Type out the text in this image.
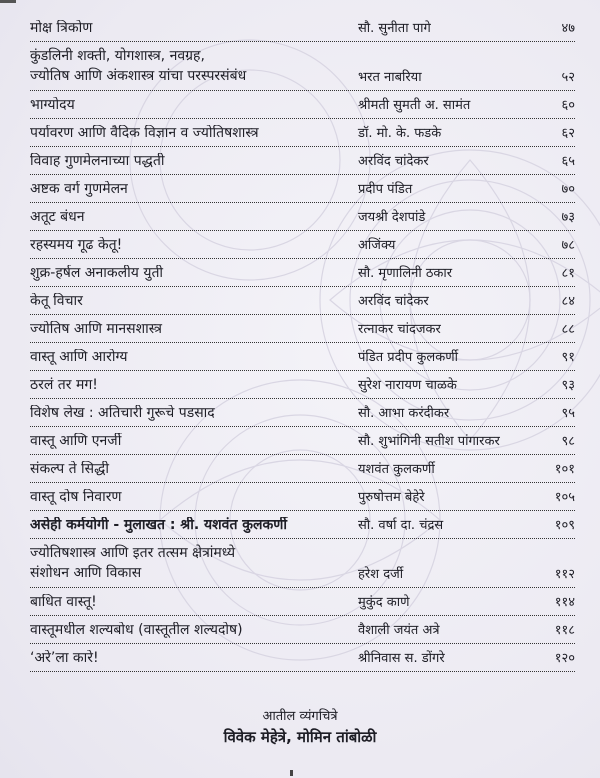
मोक्ष त्रिकोण	सौ. सुनीता पागे	४७
कुंडलिनी शक्ती, योगशास्त्र, नवग्रह,
ज्योतिष आणि अंकशास्त्र यांचा परस्परसंबंध	भरत नाबरिया	५२
भाग्योदय	श्रीमती सुमती अ. सामंत	६०
पर्यावरण आणि वैदिक विज्ञान व ज्योतिषशास्त्र	डॉ. मो. के. फडके	६२
विवाह गुणमेलनाच्या पद्धती	अरविंद चांदेकर	६५
अष्टक वर्ग गुणमेलन	प्रदीप पंडित	७०
अतूट बंधन	जयश्री देशपांडे	७३
रहस्यमय गूढ केतू!	अजिंक्य	७८
शुक्र-हर्षल अनाकलीय युती	सौ. मृणालिनी ठकार	८१
केतू विचार	अरविंद चांदेकर	८४
ज्योतिष आणि मानसशास्त्र	रत्नाकर चांदजकर	८८
वास्तू आणि आरोग्य	पंडित प्रदीप कुलकर्णी	९१
ठरलं तर मग!	सुरेश नारायण चाळके	९३
विशेष लेख : अतिचारी गुरूचे पडसाद	सौ. आभा करंदीकर	९५
वास्तू आणि एनर्जी	सौ. शुभांगिनी सतीश पांगारकर	९८
संकल्प ते सिद्धी	यशवंत कुलकर्णी	१०१
वास्तू दोष निवारण	पुरुषोत्तम बेहेरे	१०५
असेही कर्मयोगी - मुलाखत : श्री. यशवंत कुलकर्णी	सौ. वर्षा दा. चंद्रस	१०९
ज्योतिषशास्त्र आणि इतर तत्सम क्षेत्रांमध्ये
संशोधन आणि विकास	हरेश दर्जी	११२
बाधित वास्तू!	मुकुंद काणे	११४
वास्तूमधील शल्यबोध (वास्तूतील शल्यदोष)	वैशाली जयंत अत्रे	११८
‘अरे’ला कारे!	श्रीनिवास स. डोंगरे	१२०
आतील व्यंगचित्रे
विवेक मेहेत्रे, मोमिन तांबोळी
